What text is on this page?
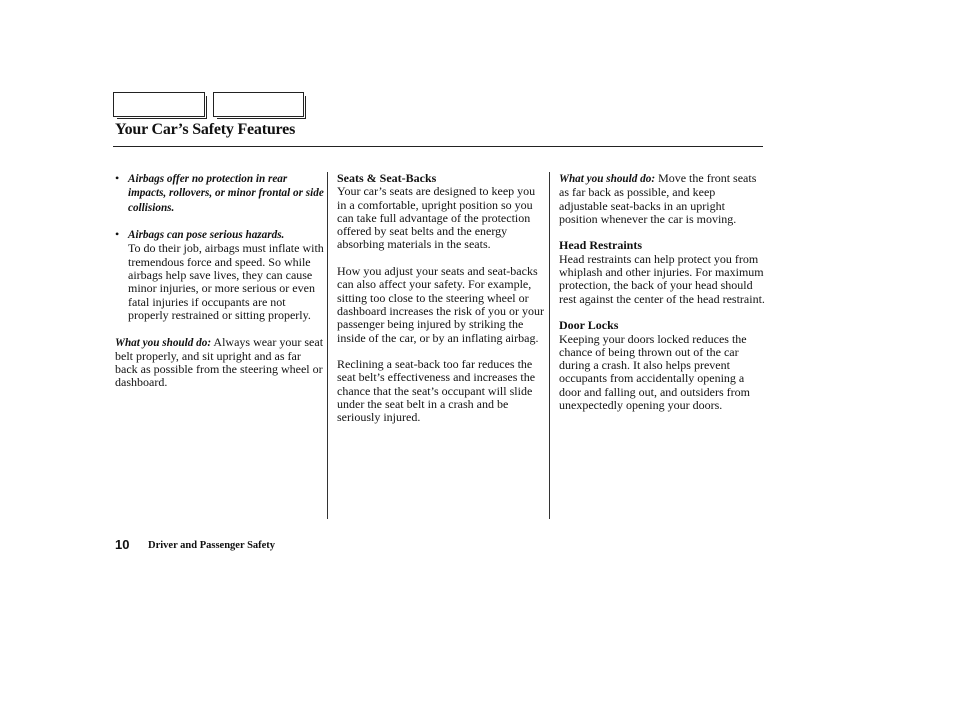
Your Car’s Safety Features
• Airbags offer no protection in rear impacts, rollovers, or minor frontal or side collisions.

• Airbags can pose serious hazards.
To do their job, airbags must inflate with tremendous force and speed. So while airbags help save lives, they can cause minor injuries, or more serious or even fatal injuries if occupants are not properly restrained or sitting properly.

What you should do: Always wear your seat belt properly, and sit upright and as far back as possible from the steering wheel or dashboard.

Seats & Seat-Backs

Your car’s seats are designed to keep you in a comfortable, upright position so you can take full advantage of the protection offered by seat belts and the energy absorbing materials in the seats.

How you adjust your seats and seat-backs can also affect your safety. For example, sitting too close to the steering wheel or dashboard increases the risk of you or your passenger being injured by striking the inside of the car, or by an inflating airbag.

Reclining a seat-back too far reduces the seat belt’s effectiveness and increases the chance that the seat’s occupant will slide under the seat belt in a crash and be seriously injured.

What you should do: Move the front seats as far back as possible, and keep adjustable seat-backs in an upright position whenever the car is moving.

Head Restraints

Head restraints can help protect you from whiplash and other injuries. For maximum protection, the back of your head should rest against the center of the head restraint.

Door Locks

Keeping your doors locked reduces the chance of being thrown out of the car during a crash. It also helps prevent occupants from accidentally opening a door and falling out, and outsiders from unexpectedly opening your doors.

10 Driver and Passenger Safety
